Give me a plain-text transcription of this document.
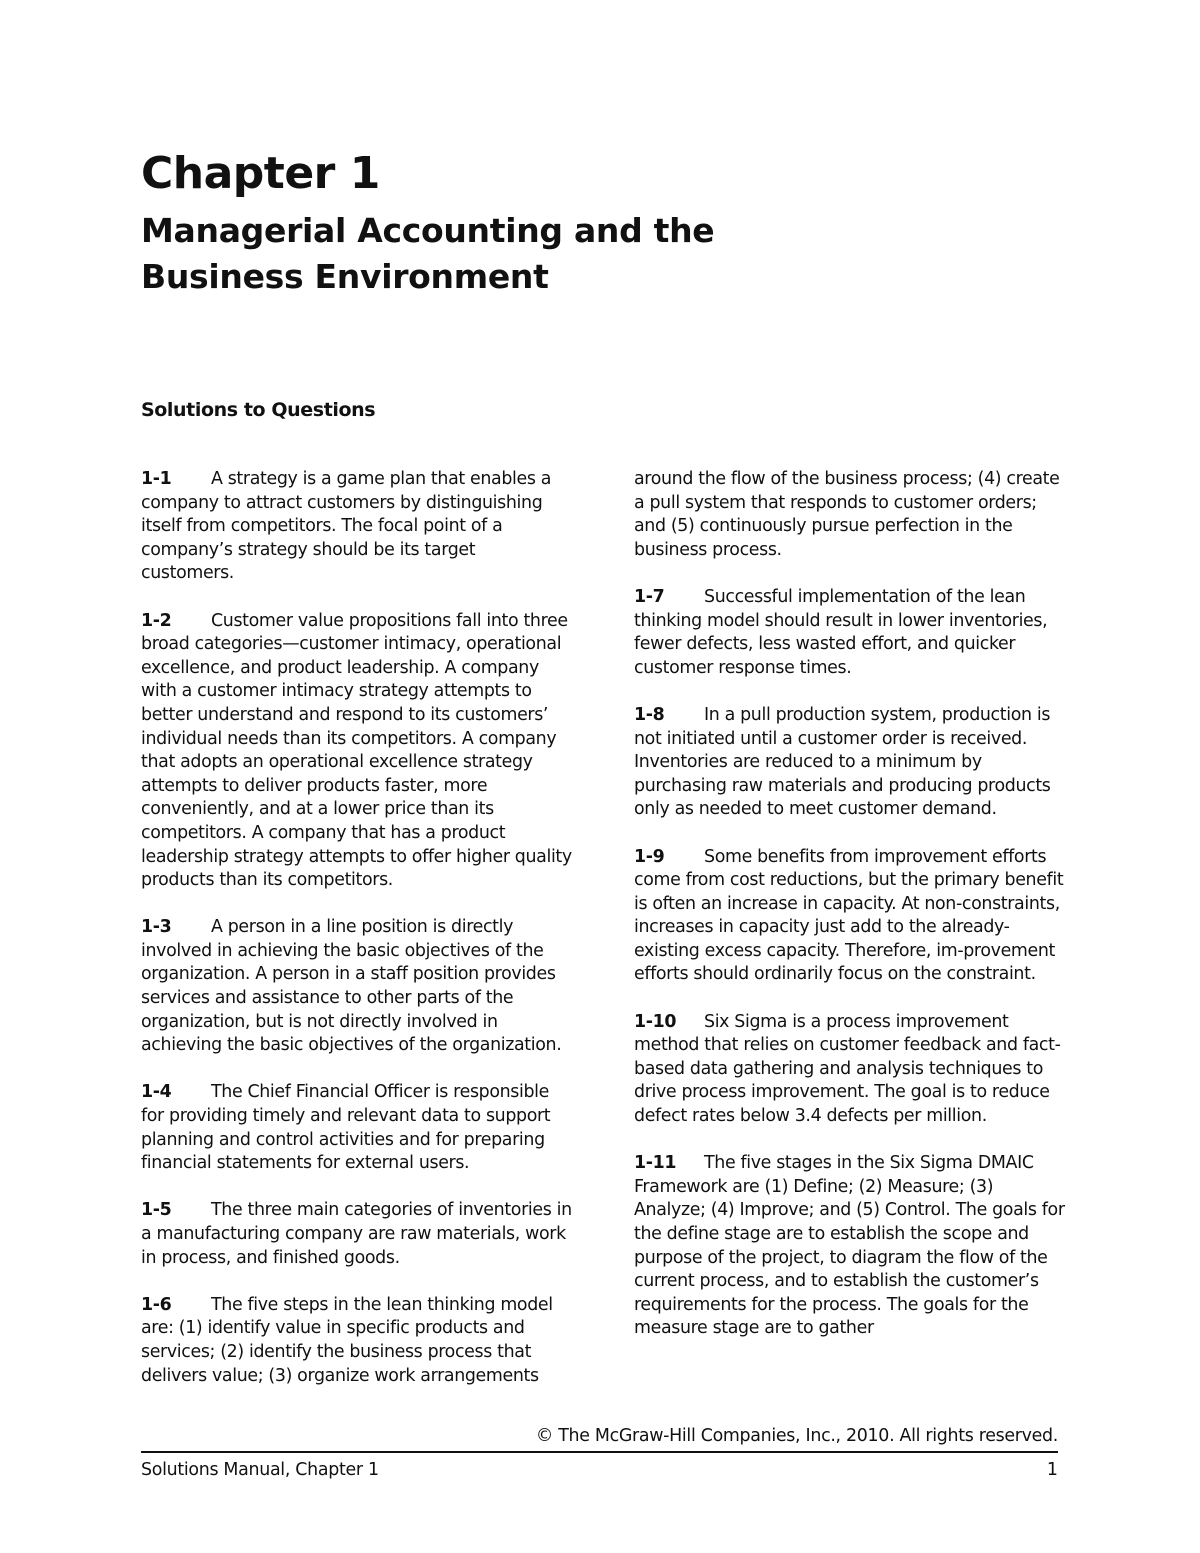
Chapter 1
Managerial Accounting and the
Business Environment
Solutions to Questions

1-1 A strategy is a game plan that enables a company to attract customers by distinguishing itself from competitors. The focal point of a company’s strategy should be its target customers.

1-2 Customer value propositions fall into three broad categories—customer intimacy, operational excellence, and product leadership. A company with a customer intimacy strategy attempts to better understand and respond to its customers’ individual needs than its competitors. A company that adopts an operational excellence strategy attempts to deliver products faster, more conveniently, and at a lower price than its competitors. A company that has a product leadership strategy attempts to offer higher quality products than its competitors.

1-3 A person in a line position is directly involved in achieving the basic objectives of the organization. A person in a staff position provides services and assistance to other parts of the organization, but is not directly involved in achieving the basic objectives of the organization.

1-4 The Chief Financial Officer is responsible for providing timely and relevant data to support planning and control activities and for preparing financial statements for external users.

1-5 The three main categories of inventories in a manufacturing company are raw materials, work in process, and finished goods.

1-6 The five steps in the lean thinking model are: (1) identify value in specific products and services; (2) identify the business process that delivers value; (3) organize work arrangements

around the flow of the business process; (4) create a pull system that responds to customer orders; and (5) continuously pursue perfection in the business process.

1-7 Successful implementation of the lean thinking model should result in lower inventories, fewer defects, less wasted effort, and quicker customer response times.

1-8 In a pull production system, production is not initiated until a customer order is received. Inventories are reduced to a minimum by purchasing raw materials and producing products only as needed to meet customer demand.

1-9 Some benefits from improvement efforts come from cost reductions, but the primary benefit is often an increase in capacity. At non-constraints, increases in capacity just add to the already-existing excess capacity. Therefore, im-provement efforts should ordinarily focus on the constraint.

1-10 Six Sigma is a process improvement method that relies on customer feedback and fact-based data gathering and analysis techniques to drive process improvement. The goal is to reduce defect rates below 3.4 defects per million.

1-11 The five stages in the Six Sigma DMAIC Framework are (1) Define; (2) Measure; (3) Analyze; (4) Improve; and (5) Control. The goals for the define stage are to establish the scope and purpose of the project, to diagram the flow of the current process, and to establish the customer’s requirements for the process. The goals for the measure stage are to gather

© The McGraw-Hill Companies, Inc., 2010. All rights reserved.
Solutions Manual, Chapter 1	1
